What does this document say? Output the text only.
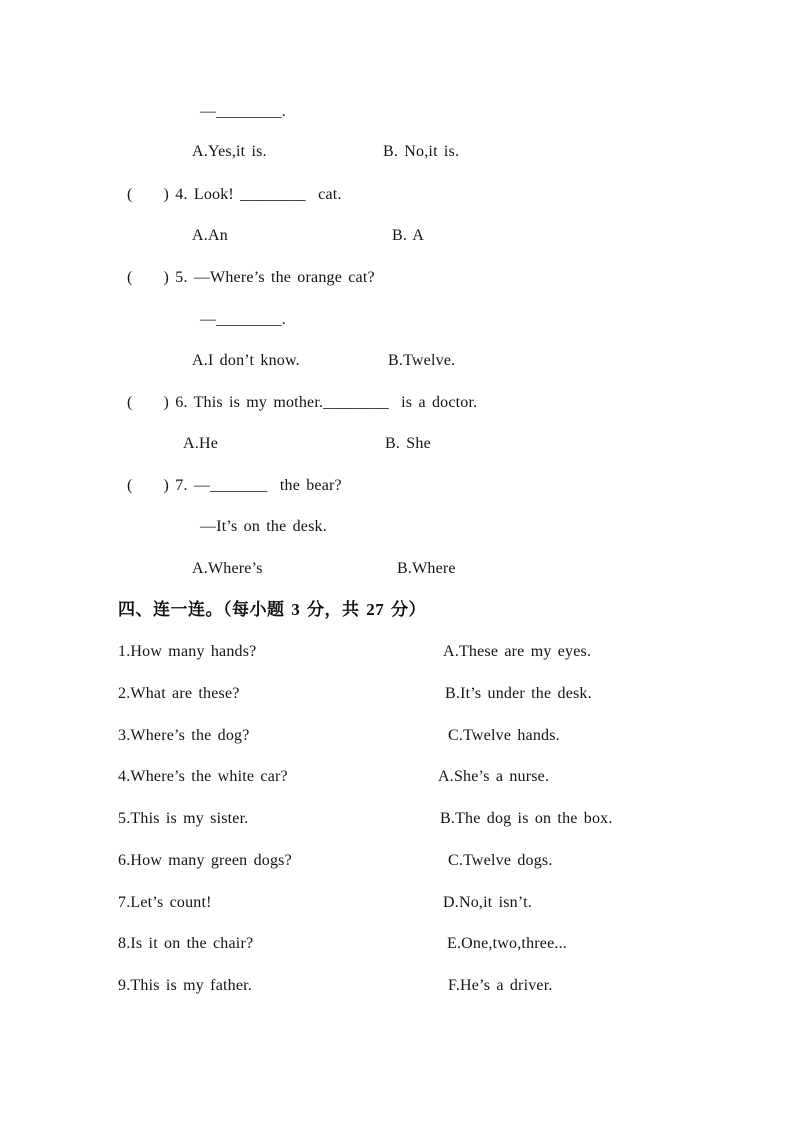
—________.
A.Yes,it is.	B. No,it is.
(     ) 4. Look! ________  cat.
A.An	B. A
(     ) 5. —Where’s the orange cat?
—________.
A.I don’t know.	B.Twelve.
(     ) 6. This is my mother.________  is a doctor.
A.He	B. She
(     ) 7. —_______  the bear?
—It’s on the desk.
A.Where’s	B.Where
四、连一连。（每小题 3 分，共 27 分）
1.How many hands?	A.These are my eyes.
2.What are these?	B.It’s under the desk.
3.Where’s the dog?	C.Twelve hands.
4.Where’s the white car?	A.She’s a nurse.
5.This is my sister.	B.The dog is on the box.
6.How many green dogs?	C.Twelve dogs.
7.Let’s count!	D.No,it isn’t.
8.Is it on the chair?	E.One,two,three...
9.This is my father.	F.He’s a driver.
